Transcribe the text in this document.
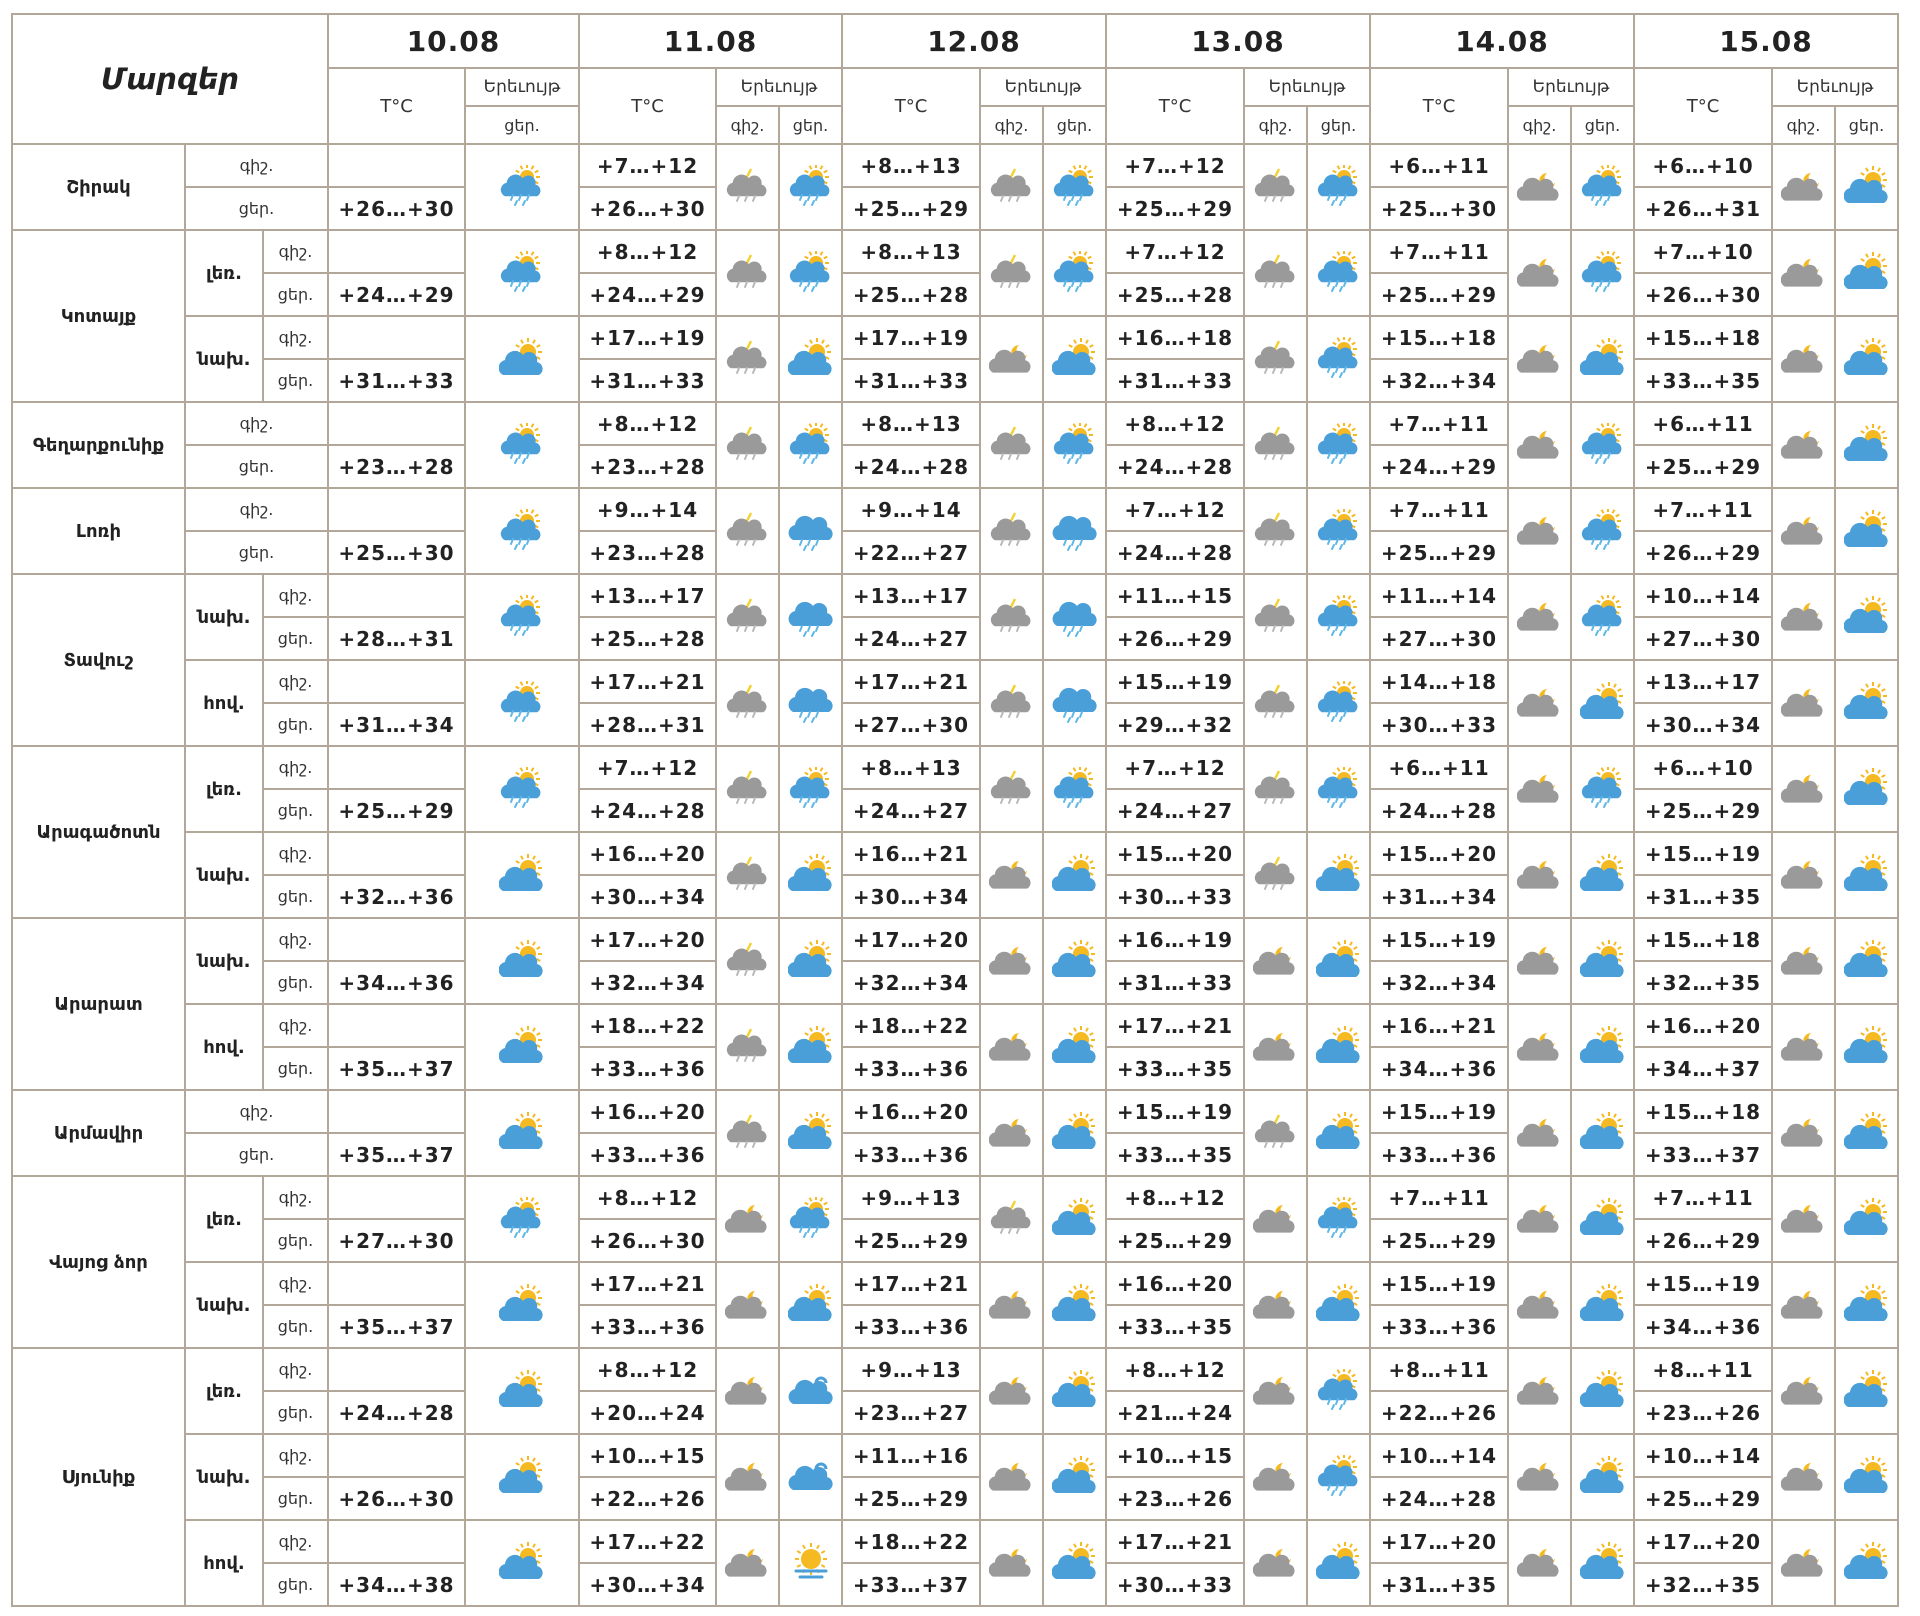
Մարզեր			10.08		11.08			12.08			13.08			14.08			15.08		
			T°C	Երեւույթ	T°C	Երեւույթ		T°C	Երեւույթ		T°C	Երեւույթ		T°C	Երեւույթ		T°C	Երեւույթ	
				ցեր.		գիշ.	ցեր.		գիշ.	ցեր.		գիշ.	ցեր.		գիշ.	ցեր.		գիշ.	ցեր.
Շիրակ	գիշ.				+7…+12			+8…+13			+7…+12			+6…+11			+6…+10	

	ցեր.		+26…+30		+26…+30			+25…+29			+25…+29			+25…+30			+26…+31		
Կոտայք	լեռ.	գիշ.			+8…+12			+8…+13			+7…+12			+7…+11			+7…+10	

		ցեր.	+24…+29		+24…+29			+25…+28			+25…+28			+25…+29			+26…+30		
	նախ.	գիշ.			+17…+19			+17…+19			+16…+18			+15…+18			+15…+18	

		ցեր.	+31…+33		+31…+33			+31…+33			+31…+33			+32…+34			+33…+35		
Գեղարքունիք	գիշ.				+8…+12			+8…+13			+8…+12			+7…+11			+6…+11	

	ցեր.		+23…+28		+23…+28			+24…+28			+24…+28			+24…+29			+25…+29		
Լոռի	գիշ.				+9…+14			+9…+14			+7…+12			+7…+11			+7…+11	

	ցեր.		+25…+30		+23…+28			+22…+27			+24…+28			+25…+29			+26…+29		
Տավուշ	նախ.	գիշ.			+13…+17			+13…+17			+11…+15			+11…+14			+10…+14	

		ցեր.	+28…+31		+25…+28			+24…+27			+26…+29			+27…+30			+27…+30		
	հով.	գիշ.			+17…+21			+17…+21			+15…+19			+14…+18			+13…+17	

		ցեր.	+31…+34		+28…+31			+27…+30			+29…+32			+30…+33			+30…+34		
Արագածոտն	լեռ.	գիշ.			+7…+12			+8…+13			+7…+12			+6…+11			+6…+10	

		ցեր.	+25…+29		+24…+28			+24…+27			+24…+27			+24…+28			+25…+29		
	նախ.	գիշ.			+16…+20			+16…+21			+15…+20			+15…+20			+15…+19	

		ցեր.	+32…+36		+30…+34			+30…+34			+30…+33			+31…+34			+31…+35		
Արարատ	նախ.	գիշ.			+17…+20			+17…+20			+16…+19			+15…+19			+15…+18	

		ցեր.	+34…+36		+32…+34			+32…+34			+31…+33			+32…+34			+32…+35		
	հով.	գիշ.			+18…+22			+18…+22			+17…+21			+16…+21			+16…+20	

		ցեր.	+35…+37		+33…+36			+33…+36			+33…+35			+34…+36			+34…+37		
Արմավիր	գիշ.				+16…+20			+16…+20			+15…+19			+15…+19			+15…+18	

	ցեր.		+35…+37		+33…+36			+33…+36			+33…+35			+33…+36			+33…+37		
Վայոց ձոր	լեռ.	գիշ.			+8…+12			+9…+13			+8…+12			+7…+11			+7…+11	

		ցեր.	+27…+30		+26…+30			+25…+29			+25…+29			+25…+29			+26…+29		
	նախ.	գիշ.			+17…+21			+17…+21			+16…+20			+15…+19			+15…+19	

		ցեր.	+35…+37		+33…+36			+33…+36			+33…+35			+33…+36			+34…+36		
Սյունիք	լեռ.	գիշ.			+8…+12			+9…+13			+8…+12			+8…+11			+8…+11	

		ցեր.	+24…+28		+20…+24			+23…+27			+21…+24			+22…+26			+23…+26		
	նախ.	գիշ.			+10…+15			+11…+16			+10…+15			+10…+14			+10…+14	

		ցեր.	+26…+30		+22…+26			+25…+29			+23…+26			+24…+28			+25…+29		
	հով.	գիշ.			+17…+22			+18…+22			+17…+21			+17…+20			+17…+20	

		ցեր.	+34…+38		+30…+34			+33…+37			+30…+33			+31…+35			+32…+35		
